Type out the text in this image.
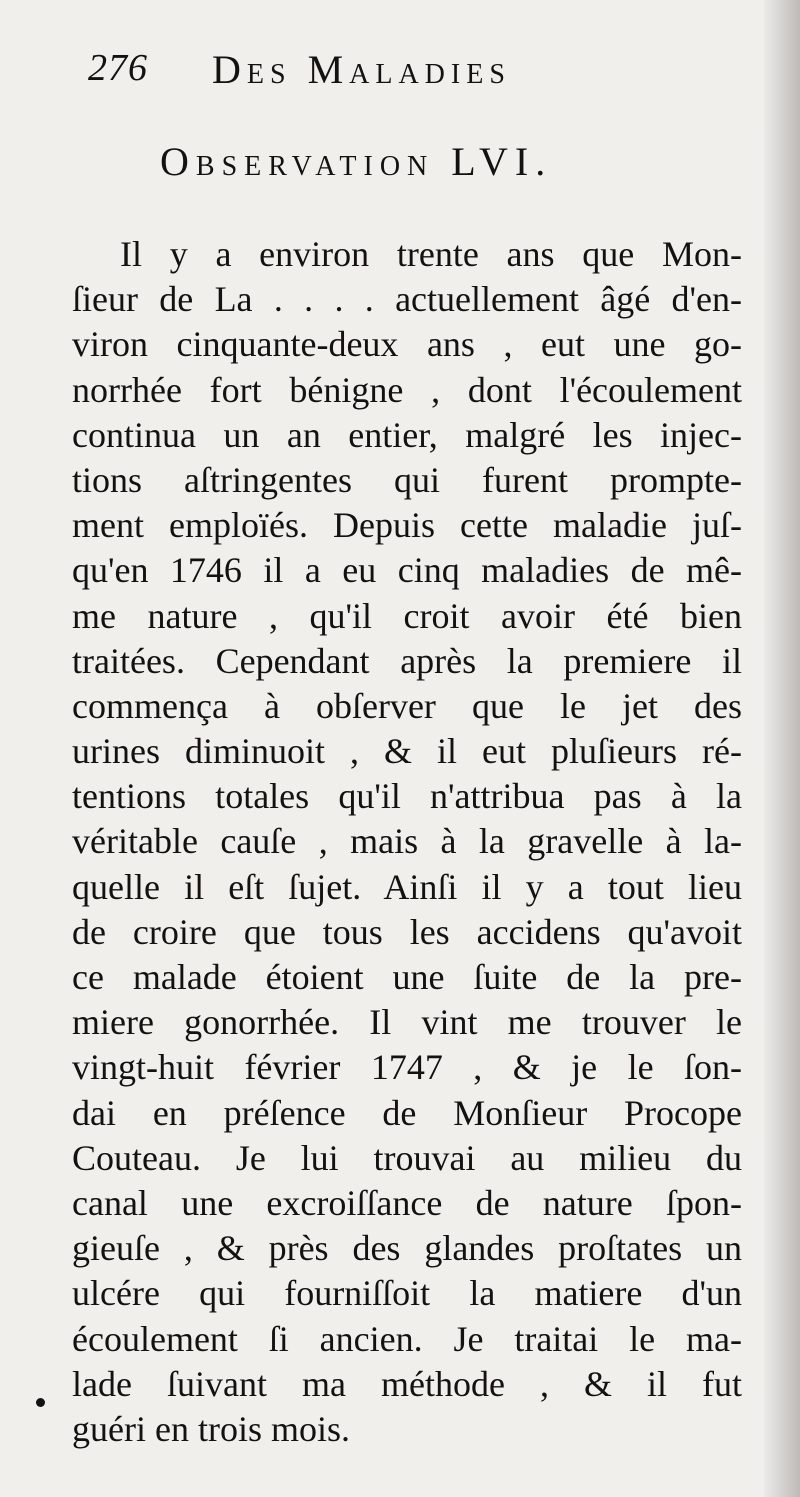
276 Des Maladies
Observation LVI.
Il y a environ trente ans que Mon-
ſieur de La . . . . actuellement âgé d'en-
viron cinquante-deux ans , eut une go-
norrhée fort bénigne , dont l'écoulement
continua un an entier, malgré les injec-
tions aſtringentes qui furent prompte-
ment emploïés. Depuis cette maladie juſ-
qu'en 1746 il a eu cinq maladies de mê-
me nature , qu'il croit avoir été bien
traitées. Cependant après la premiere il
commença à obſerver que le jet des
urines diminuoit , & il eut pluſieurs ré-
tentions totales qu'il n'attribua pas à la
véritable cauſe , mais à la gravelle à la-
quelle il eſt ſujet. Ainſi il y a tout lieu
de croire que tous les accidens qu'avoit
ce malade étoient une ſuite de la pre-
miere gonorrhée. Il vint me trouver le
vingt-huit février 1747 , & je le ſon-
dai en préſence de Monſieur Procope
Couteau. Je lui trouvai au milieu du
canal une excroiſſance de nature ſpon-
gieuſe , & près des glandes proſtates un
ulcére qui fourniſſoit la matiere d'un
écoulement ſi ancien. Je traitai le ma-
lade ſuivant ma méthode , & il fut
guéri en trois mois.
